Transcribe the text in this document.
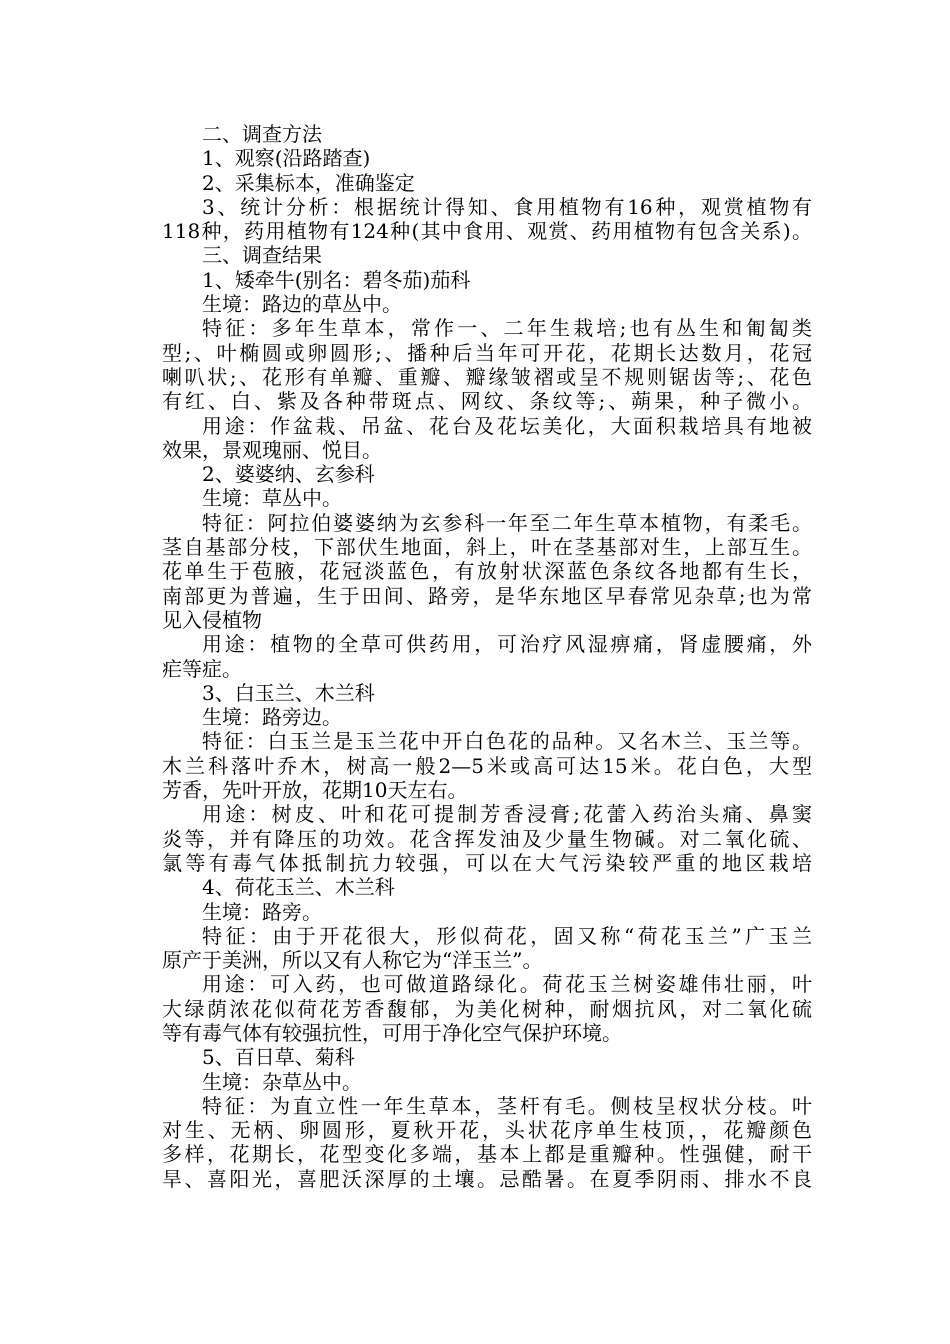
二、调查方法
1、观察(沿路踏查)
2、采集标本，准确鉴定
3、统计分析：根据统计得知、食用植物有16种，观赏植物有
118种，药用植物有124种(其中食用、观赏、药用植物有包含关系)。
三、调查结果
1、矮牵牛(别名：碧冬茄)茄科
生境：路边的草丛中。
特征：多年生草本，常作一、二年生栽培;也有丛生和匍匐类
型;、叶椭圆或卵圆形;、播种后当年可开花，花期长达数月，花冠
喇叭状;、花形有单瓣、重瓣、瓣缘皱褶或呈不规则锯齿等;、花色
有红、白、紫及各种带斑点、网纹、条纹等;、蒴果，种子微小。
用途：作盆栽、吊盆、花台及花坛美化，大面积栽培具有地被
效果，景观瑰丽、悦目。
2、婆婆纳、玄参科
生境：草丛中。
特征：阿拉伯婆婆纳为玄参科一年至二年生草本植物，有柔毛。
茎自基部分枝，下部伏生地面，斜上，叶在茎基部对生，上部互生。
花单生于苞腋，花冠淡蓝色，有放射状深蓝色条纹各地都有生长，
南部更为普遍，生于田间、路旁，是华东地区早春常见杂草;也为常
见入侵植物
用途：植物的全草可供药用，可治疗风湿痹痛，肾虚腰痛，外
疟等症。
3、白玉兰、木兰科
生境：路旁边。
特征：白玉兰是玉兰花中开白色花的品种。又名木兰、玉兰等。
木兰科落叶乔木，树高一般2—5米或高可达15米。花白色，大型
芳香，先叶开放，花期10天左右。
用途：树皮、叶和花可提制芳香浸膏;花蕾入药治头痛、鼻窦
炎等，并有降压的功效。花含挥发油及少量生物碱。对二氧化硫、
氯等有毒气体抵制抗力较强，可以在大气污染较严重的地区栽培
4、荷花玉兰、木兰科
生境：路旁。
特征：由于开花很大，形似荷花，固又称“荷花玉兰”广玉兰
原产于美洲，所以又有人称它为“洋玉兰”。
用途：可入药，也可做道路绿化。荷花玉兰树姿雄伟壮丽，叶
大绿荫浓花似荷花芳香馥郁，为美化树种，耐烟抗风，对二氧化硫
等有毒气体有较强抗性，可用于净化空气保护环境。
5、百日草、菊科
生境：杂草丛中。
特征：为直立性一年生草本，茎杆有毛。侧枝呈杈状分枝。叶
对生、无柄、卵圆形，夏秋开花，头状花序单生枝顶，，花瓣颜色
多样，花期长，花型变化多端，基本上都是重瓣种。性强健，耐干
旱、喜阳光，喜肥沃深厚的土壤。忌酷暑。在夏季阴雨、排水不良
